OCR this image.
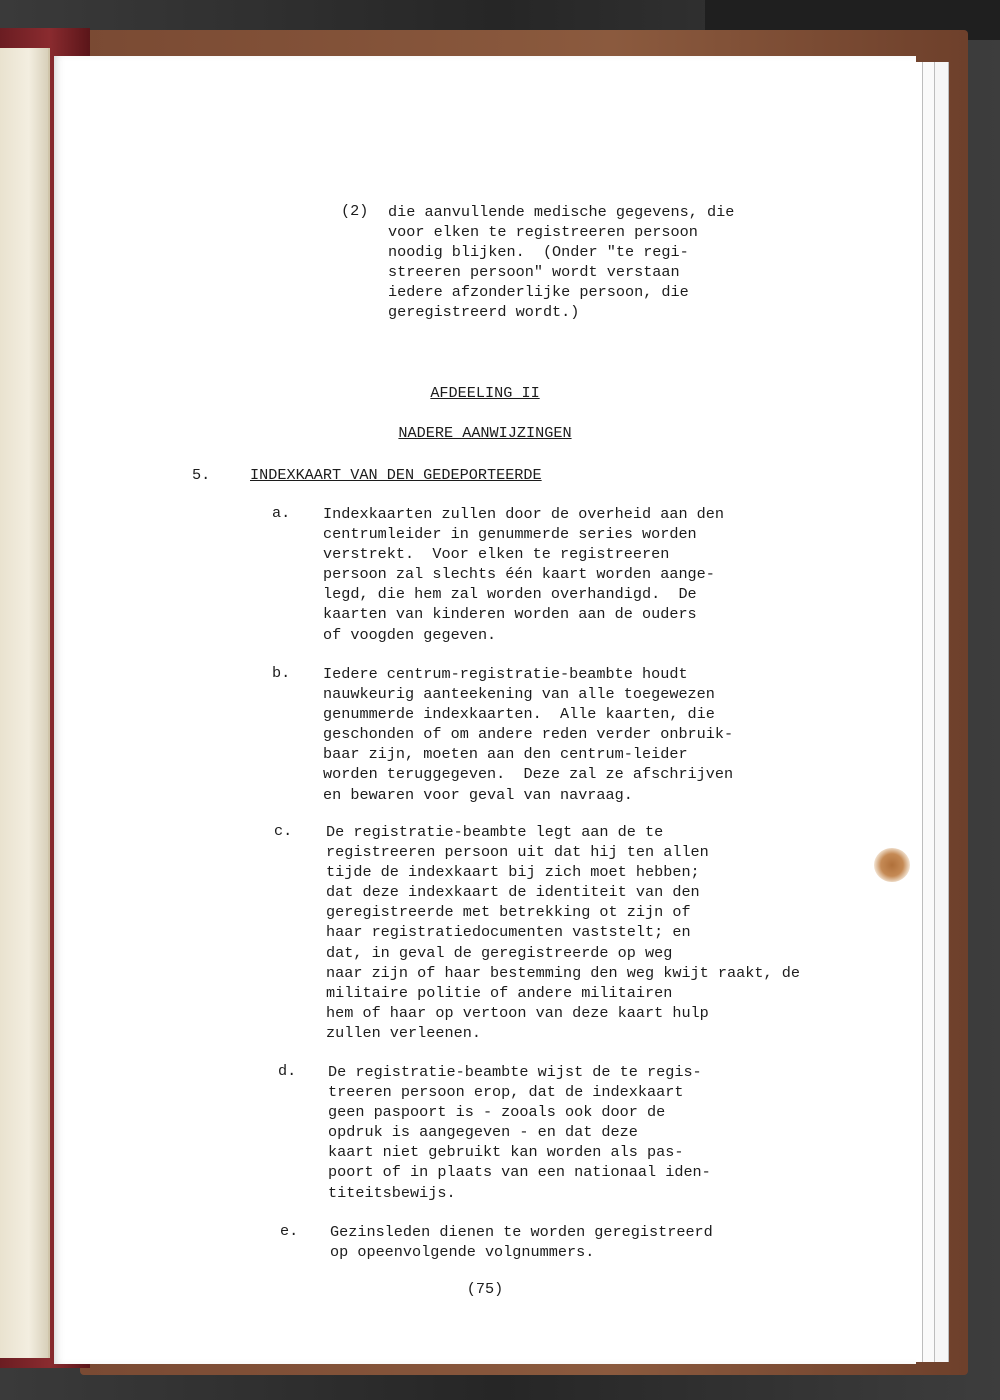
(2) die aanvullende medische gegevens, die
voor elken te registreeren persoon
noodig blijken.  (Onder "te regi-
streeren persoon" wordt verstaan
iedere afzonderlijke persoon, die
geregistreerd wordt.)
AFDEELING II
NADERE AANWIJZINGEN
5.	INDEXKAART VAN DEN GEDEPORTEERDE
a. Indexkaarten zullen door de overheid aan den
centrumleider in genummerde series worden
verstrekt.  Voor elken te registreeren
persoon zal slechts één kaart worden aange-
legd, die hem zal worden overhandigd.  De
kaarten van kinderen worden aan de ouders
of voogden gegeven.
b. Iedere centrum-registratie-beambte houdt
nauwkeurig aanteekening van alle toegewezen
genummerde indexkaarten.  Alle kaarten, die
geschonden of om andere reden verder onbruik-
baar zijn, moeten aan den centrum-leider
worden teruggegeven.  Deze zal ze afschrijven
en bewaren voor geval van navraag.
c. De registratie-beambte legt aan de te
registreeren persoon uit dat hij ten allen
tijde de indexkaart bij zich moet hebben;
dat deze indexkaart de identiteit van den
geregistreerde met betrekking ot zijn of
haar registratiedocumenten vaststelt; en
dat, in geval de geregistreerde op weg
naar zijn of haar bestemming den weg kwijt raakt, de
militaire politie of andere militairen
hem of haar op vertoon van deze kaart hulp
zullen verleenen.
d. De registratie-beambte wijst de te regis-
treeren persoon erop, dat de indexkaart
geen paspoort is - zooals ook door de
opdruk is aangegeven - en dat deze
kaart niet gebruikt kan worden als pas-
poort of in plaats van een nationaal iden-
titeitsbewijs.
e. Gezinsleden dienen te worden geregistreerd
op opeenvolgende volgnummers.
(75)
